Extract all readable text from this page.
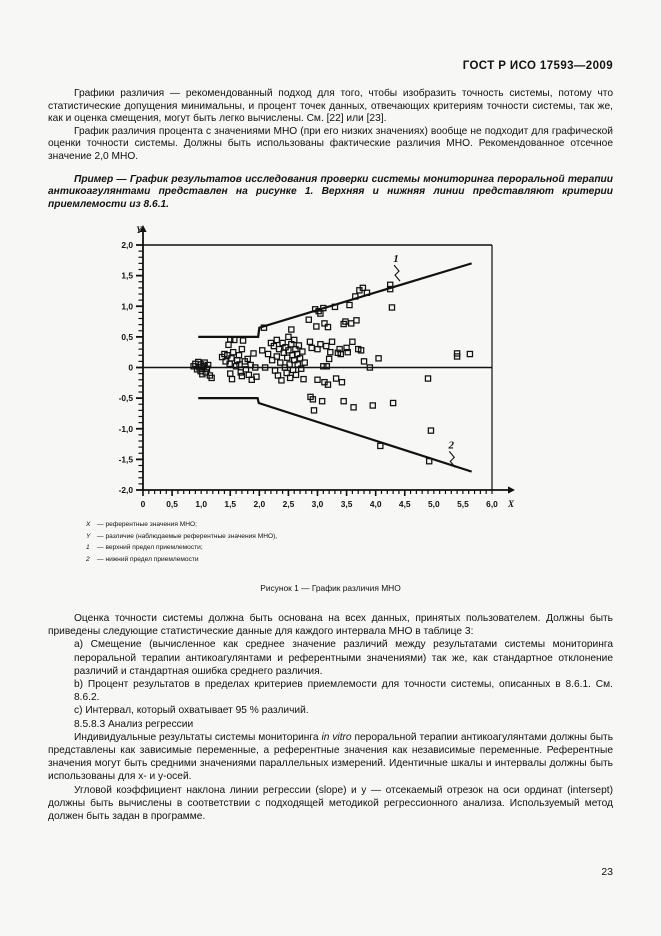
ГОСТ Р ИСО 17593—2009

Графики различия — рекомендованный подход для того, чтобы изобразить точность системы, потому что статистические допущения минимальны, и процент точек данных, отвечающих критериям точности системы, так же, как и оценка смещения, могут быть легко вычислены. См. [22] или [23].

График различия процента с значениями МНО (при его низких значениях) вообще не подходит для графической оценки точности системы. Должны быть использованы фактические различия МНО. Рекомендованное отсечное значение 2,0 МНО.

Пример — График результатов исследования проверки системы мониторинга пероральной терапии антикоагулянтами представлен на рисунке 1. Верхняя и нижняя линии представляют критерии приемлемости из 8.6.1.

0 0,5 1,0 1,5 2,0 2,5 3,0 3,5 4,0 4,5 5,0 5,5 6,0
-2,0
-1,5
-1,0
-0,5
0
0,5
1,0
1,5
2,0
Y
X
1
2
X — референтные значения МНО;
Y — различие (наблюдаемые референтные значения МНО),
1 — верхний предел приемлемости;
2 — нижний предел приемлемости
Рисунок 1 — График различия МНО

Оценка точности системы должна быть основана на всех данных, принятых пользователем. Должны быть приведены следующие статистические данные для каждого интервала МНО в таблице 3:

a) Смещение (вычисленное как среднее значение различий между результатами системы мониторинга пероральной терапии антикоагулянтами и референтными значениями) так же, как стандартное отклонение различий и стандартная ошибка среднего различия.

b) Процент результатов в пределах критериев приемлемости для точности системы, описанных в 8.6.1. См. 8.6.2.

c) Интервал, который охватывает 95 % различий.

8.5.8.3 Анализ регрессии

Индивидуальные результаты системы мониторинга in vitro пероральной терапии антикоагулянтами должны быть представлены как зависимые переменные, а референтные значения как независимые переменные. Референтные значения могут быть средними значениями параллельных измерений. Идентичные шкалы и интервалы должны быть использованы для х- и у-осей.

Угловой коэффициент наклона линии регрессии (slope) и y — отсекаемый отрезок на оси ординат (intersept) должны быть вычислены в соответствии с подходящей методикой регрессионного анализа. Используемый метод должен быть задан в программе.

23
